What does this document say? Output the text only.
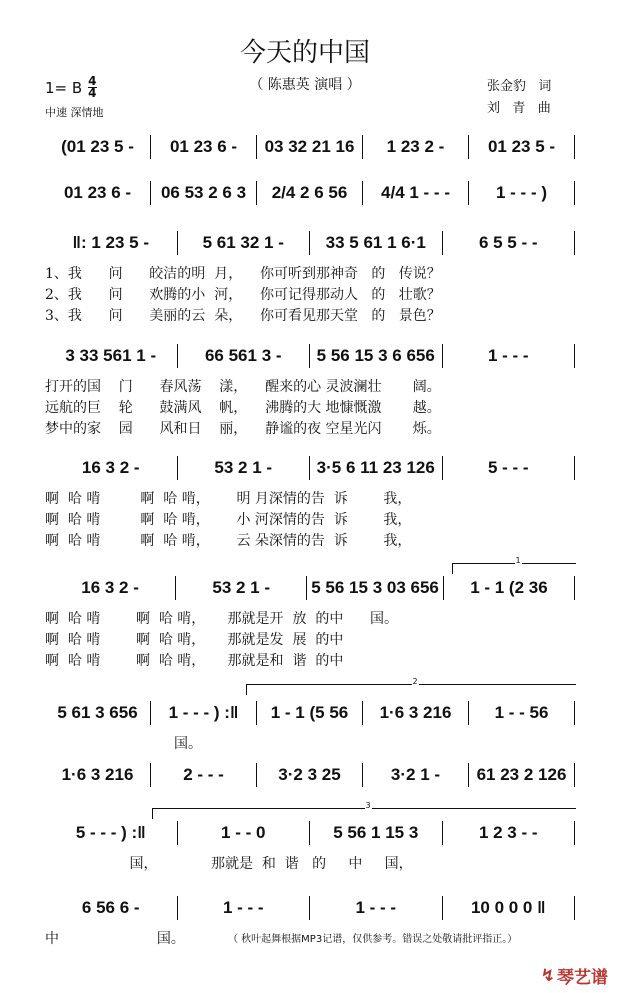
今天的中国
（ 陈惠英 演唱 ）
1= B $\frac{4}{4}$
中速 深情地
张金豹   词
刘   青   曲
(01 23 5 -	01 23 6 -	03 32 21 16	1 23 2 -	01 23 5 -
01 23 6 -	06 53 2 6 3	2/4 2 6 56	4/4 1 - - -	1 - - - )
‖: 1 23 5 -	5 61 32 1 -	33 5 61 1 6·1	6 5 5 - -
1、我      问      皎洁的明  月，    你可听到那神奇   的   传说？
2、我      问      欢腾的小  河，    你可记得那动人   的   壮歌？
3、我      问      美丽的云  朵，    你可看见那天堂   的   景色？
3 33 561 1 -	66 561 3 -	5 56 15 3 6 656	1 - - -
打开的国    门      春风荡    漾，    醒来的心 灵波澜壮       阔。
远航的巨    轮      鼓满风    帆，    沸腾的大 地慷慨激       越。
梦中的家    园      风和日    丽，    静谧的夜 空星光闪       烁。
16 3 2 -	53 2 1 -	3·5 6 11 23 126	5 - - -
啊  哈 啃         啊  哈 啃，      明 月深情的告  诉        我，
啊  哈 啃         啊  哈 啃，      小 河深情的告  诉        我，
啊  哈 啃         啊  哈 啃，      云 朵深情的告  诉        我，
16 3 2 -	53 2 1 -	5 56 15 3 03 656	1 - 1 (2 36
啊  哈 啃        啊  哈 啃，     那就是开  放  的中      国。
啊  哈 啃        啊  哈 啃，     那就是发  展  的中
啊  哈 啃        啊  哈 啃，     那就是和  谐  的中
5 61 3 656	1 - - - ) :‖	1 - 1 (5 56	1·6 3 216	1 - - 56
国。
1·6 3 216	2 - - -	3·2 3 25	3·2 1 -	61 23 2 126
5 - - - ) :‖	1 - - 0	5 56 1 15 3	1 2 3 - -
国，            那就是  和  谐   的     中     国，
6 56 6 -	1 - - -	1 - - -	10 0 0 0 ‖
中                      国。
1
2
3
（ 秋叶起舞根据MP3记谱，仅供参考。错误之处敬请批评指正。）
↯ 琴艺谱
